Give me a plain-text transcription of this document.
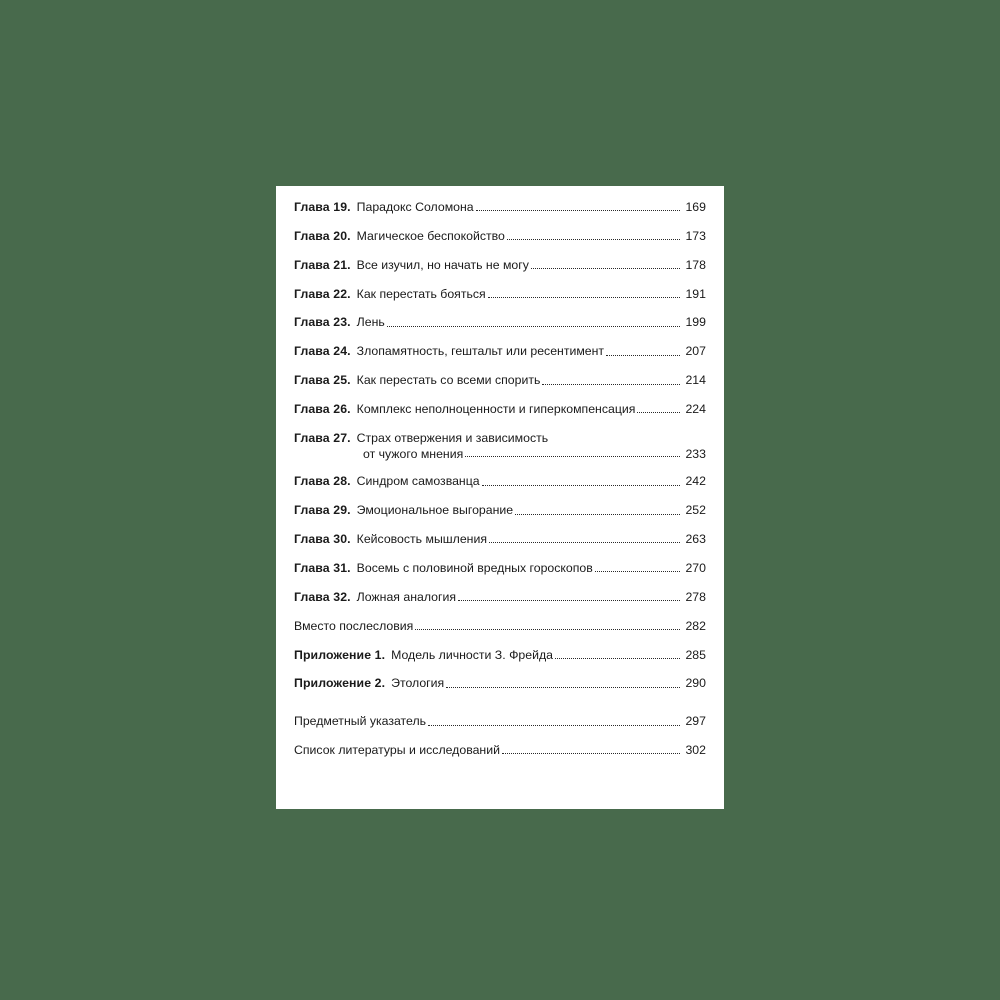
Глава 19. Парадокс Соломона	169
Глава 20. Магическое беспокойство	173
Глава 21. Все изучил, но начать не могу	178
Глава 22. Как перестать бояться	191
Глава 23. Лень	199
Глава 24. Злопамятность, гештальт или ресентимент	207
Глава 25. Как перестать со всеми спорить	214
Глава 26. Комплекс неполноценности и гиперкомпенсация	224
Глава 27. Страх отвержения и зависимость
от чужого мнения	233
Глава 28. Синдром самозванца	242
Глава 29. Эмоциональное выгорание	252
Глава 30. Кейсовость мышления	263
Глава 31. Восемь с половиной вредных гороскопов	270
Глава 32. Ложная аналогия	278
Вместо послесловия	282
Приложение 1. Модель личности З. Фрейда	285
Приложение 2. Этология	290
Предметный указатель	297
Список литературы и исследований	302
